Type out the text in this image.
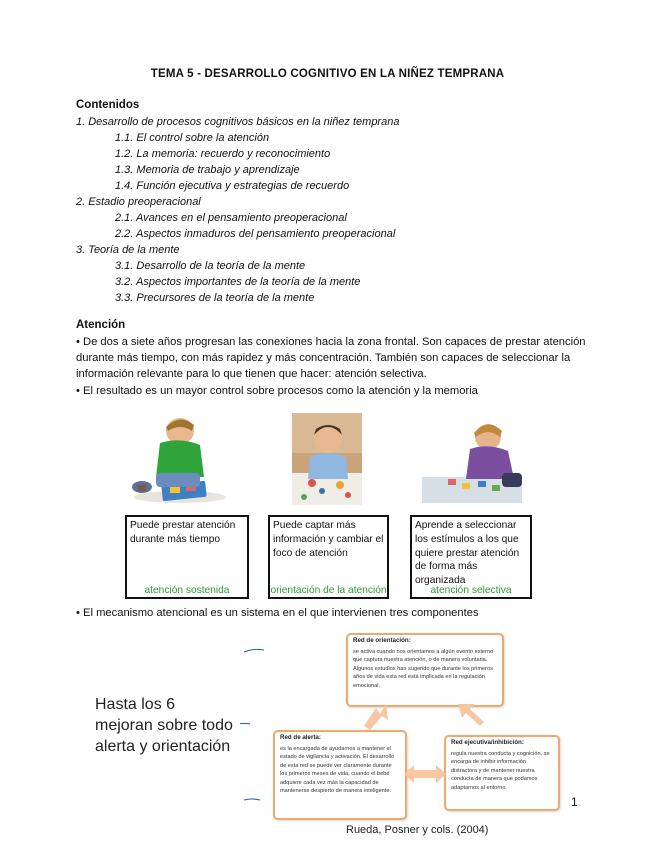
TEMA 5 - DESARROLLO COGNITIVO EN LA NIÑEZ TEMPRANA
Contenidos
1. Desarrollo de procesos cognitivos básicos en la niñez temprana
1.1. El control sobre la atención
1.2. La memoria: recuerdo y reconocimiento
1.3. Memoria de trabajo y aprendizaje
1.4. Función ejecutiva y estrategias de recuerdo
2. Estadio preoperacional
2.1. Avances en el pensamiento preoperacional
2.2. Aspectos inmaduros del pensamiento preoperacional
3. Teoría de la mente
3.1. Desarrollo de la teoría de la mente
3.2. Aspectos importantes de la teoría de la mente
3.3. Precursores de la teoría de la mente
Atención
• De dos a siete años progresan las conexiones hacia la zona frontal. Son capaces de prestar atención durante más tiempo, con más rapidez y más concentración. También son capaces de seleccionar la información relevante para lo que tienen que hacer: atención selectiva.
• El resultado es un mayor control sobre procesos como la atención y la memoria
Puede prestar atención durante más tiempo
atención sostenida
Puede captar más información y cambiar el foco de atención
orientación de la atención
Aprende a seleccionar los estímulos a los que quiere prestar atención de forma más organizada
atención selectiva
• El mecanismo atencional es un sistema en el que intervienen tres componentes
Hasta los 6
mejoran sobre todo
alerta y orientación
Red de orientación:
se activa cuando nos orientamos a algún evento externo que captura nuestra atención, o de manera voluntaria. Algunos estudios han sugerido que durante los primeros años de vida esta red está implicada en la regulación emocional.
Red de alerta:
es la encargada de ayudarnos a mantener el estado de vigilancia y activación. El desarrollo de esta red se puede ver claramente durante los primeros meses de vida, cuando el bebé adquiere cada vez más la capacidad de mantenerse despierto de manera inteligente.
Red ejecutiva/inhibición:
regula nuestra conducta y cognición, se encarga de inhibir información distractora y de mantener nuestra conducta de manera que podamos adaptarnos al entorno.
1
Rueda, Posner y cols. (2004)
